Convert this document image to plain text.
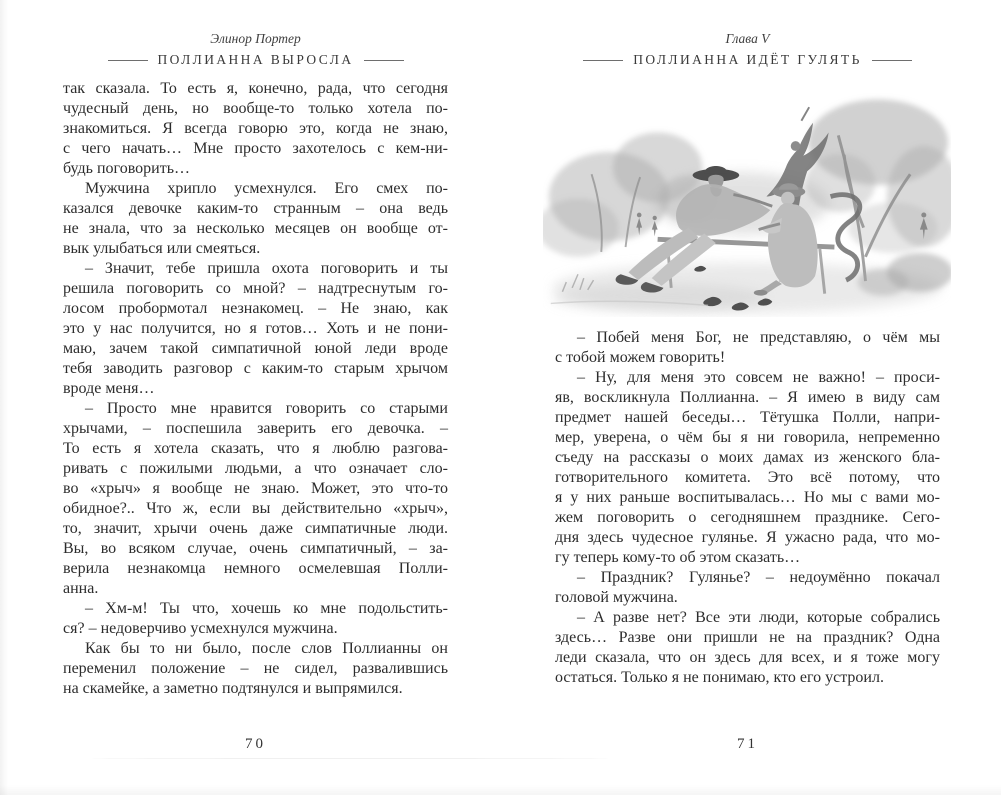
Элинор Портер
ПОЛЛИАННА ВЫРОСЛА
так сказала. То есть я, конечно, рада, что сегодня
чудесный день, но вообще-то только хотела по-
знакомиться. Я всегда говорю это, когда не знаю,
с чего начать… Мне просто захотелось с кем-ни-
будь поговорить…
Мужчина хрипло усмехнулся. Его смех по-
казался девочке каким-то странным – она ведь
не знала, что за несколько месяцев он вообще от-
вык улыбаться или смеяться.
– Значит, тебе пришла охота поговорить и ты
решила поговорить со мной? – надтреснутым го-
лосом пробормотал незнакомец. – Не знаю, как
это у нас получится, но я готов… Хоть и не пони-
маю, зачем такой симпатичной юной леди вроде
тебя заводить разговор с каким-то старым хрычом
вроде меня…
– Просто мне нравится говорить со старыми
хрычами, – поспешила заверить его девочка. –
То есть я хотела сказать, что я люблю разгова-
ривать с пожилыми людьми, а что означает сло-
во «хрыч» я вообще не знаю. Может, это что-то
обидное?.. Что ж, если вы действительно «хрыч»,
то, значит, хрычи очень даже симпатичные люди.
Вы, во всяком случае, очень симпатичный, – за-
верила незнакомца немного осмелевшая Полли-
анна.
– Хм-м! Ты что, хочешь ко мне подольстить-
ся? – недоверчиво усмехнулся мужчина.
Как бы то ни было, после слов Поллианны он
переменил положение – не сидел, развалившись
на скамейке, а заметно подтянулся и выпрямился.
70
Глава V
ПОЛЛИАННА ИДЁТ ГУЛЯТЬ
– Побей меня Бог, не представляю, о чём мы
с тобой можем говорить!
– Ну, для меня это совсем не важно! – проси-
яв, воскликнула Поллианна. – Я имею в виду сам
предмет нашей беседы… Тётушка Полли, напри-
мер, уверена, о чём бы я ни говорила, непременно
съеду на рассказы о моих дамах из женского бла-
готворительного комитета. Это всё потому, что
я у них раньше воспитывалась… Но мы с вами мо-
жем поговорить о сегодняшнем празднике. Сего-
дня здесь чудесное гулянье. Я ужасно рада, что мо-
гу теперь кому-то об этом сказать…
– Праздник? Гулянье? – недоумённо покачал
головой мужчина.
– А разве нет? Все эти люди, которые собрались
здесь… Разве они пришли не на праздник? Одна
леди сказала, что он здесь для всех, и я тоже могу
остаться. Только я не понимаю, кто его устроил.
71
